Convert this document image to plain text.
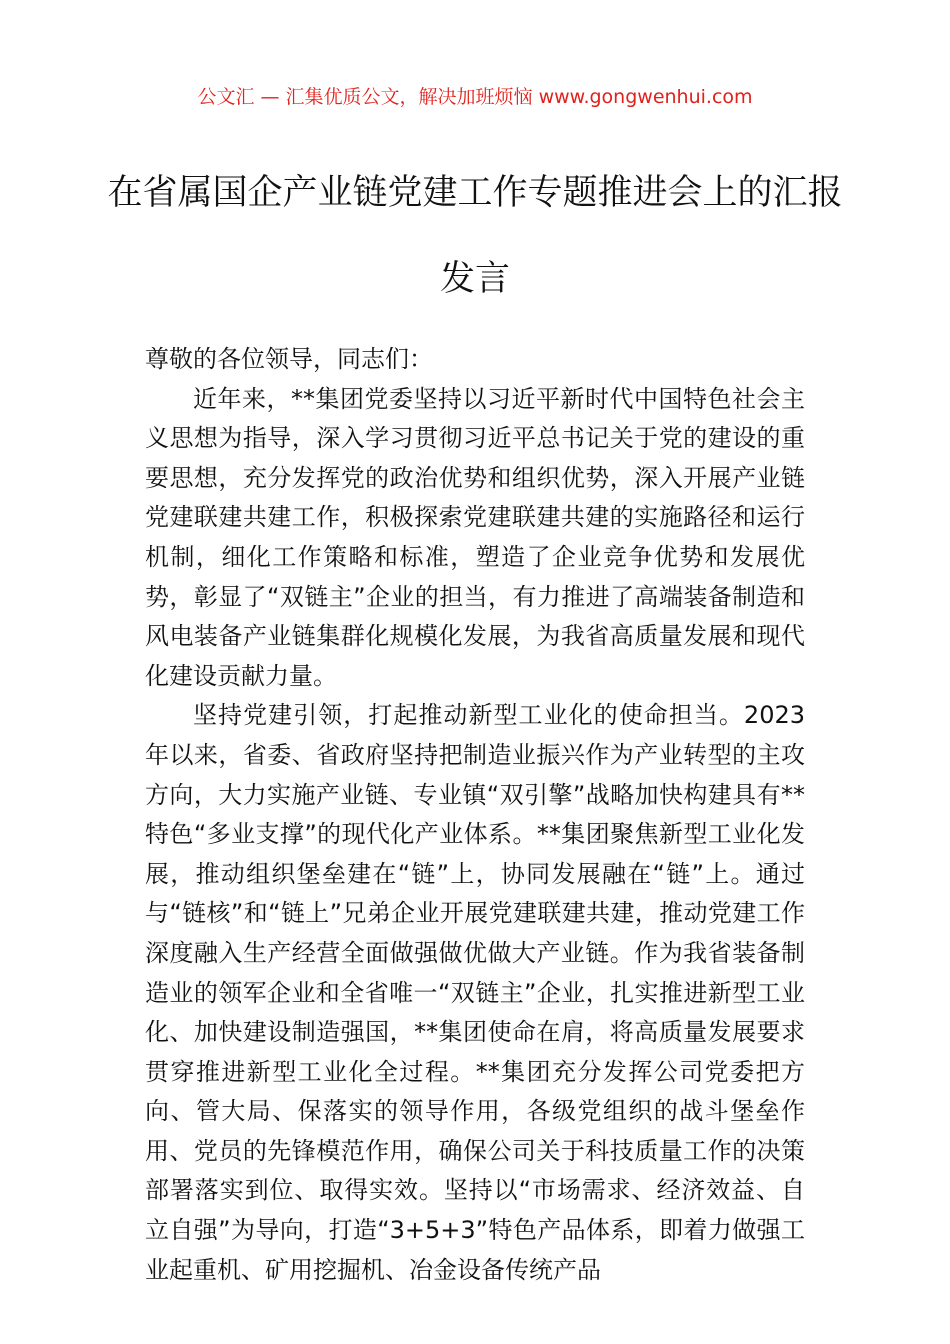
公文汇 — 汇集优质公文，解决加班烦恼 www.gongwenhui.com
在省属国企产业链党建工作专题推进会上的汇报发言

尊敬的各位领导，同志们：

近年来，**集团党委坚持以习近平新时代中国特色社会主义思想为指导，深入学习贯彻习近平总书记关于党的建设的重要思想，充分发挥党的政治优势和组织优势，深入开展产业链党建联建共建工作，积极探索党建联建共建的实施路径和运行机制，细化工作策略和标准，塑造了企业竞争优势和发展优势，彰显了“双链主”企业的担当，有力推进了高端装备制造和风电装备产业链集群化规模化发展，为我省高质量发展和现代化建设贡献力量。

坚持党建引领，打起推动新型工业化的使命担当。2023年以来，省委、省政府坚持把制造业振兴作为产业转型的主攻方向，大力实施产业链、专业镇“双引擎”战略加快构建具有**特色“多业支撑”的现代化产业体系。**集团聚焦新型工业化发展，推动组织堡垒建在“链”上，协同发展融在“链”上。通过与“链核”和“链上”兄弟企业开展党建联建共建，推动党建工作深度融入生产经营全面做强做优做大产业链。作为我省装备制造业的领军企业和全省唯一“双链主”企业，扎实推进新型工业化、加快建设制造强国，**集团使命在肩，将高质量发展要求贯穿推进新型工业化全过程。**集团充分发挥公司党委把方向、管大局、保落实的领导作用，各级党组织的战斗堡垒作用、党员的先锋模范作用，确保公司关于科技质量工作的决策部署落实到位、取得实效。坚持以“市场需求、经济效益、自立自强”为导向，打造“3+5+3”特色产品体系，即着力做强工业起重机、矿用挖掘机、冶金设备传统产品
